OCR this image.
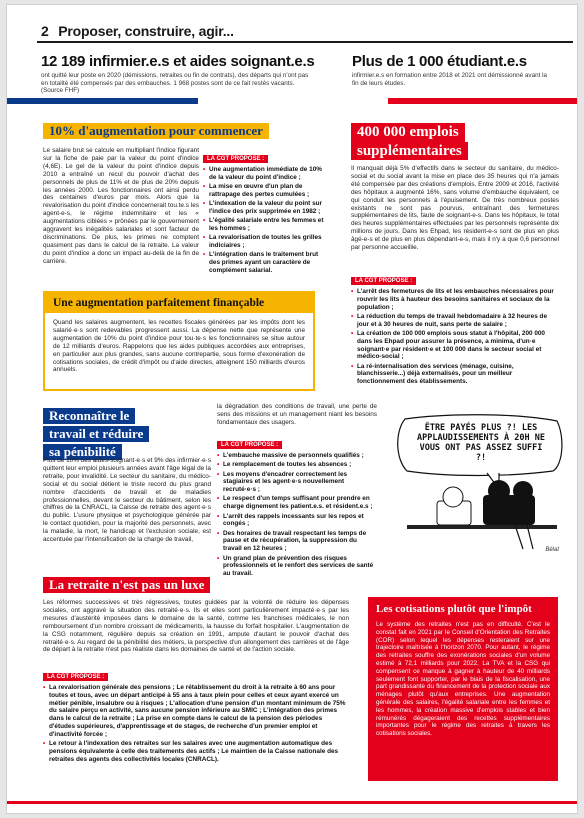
2 Proposer, construire, agir...
12 189 infirmier.e.s et aides soignant.e.s

ont quitté leur poste en 2020 (démissions, retraites ou fin de contrats), des départs qui n'ont pas en totalité été compensés par des embauches. 1 968 postes sont de ce fait restés vacants. (Source FHF)

Plus de 1 000 étudiant.e.s

infirmier.e.s en formation entre 2018 et 2021 ont démissionné avant la fin de leurs études.

10% d'augmentation pour commencer
Le salaire brut se calcule en multipliant l'indice figurant sur la fiche de paie par la valeur du point d'indice (4,6E). Le gel de la valeur du point d'indice depuis 2010 a entraîné un recul du pouvoir d'achat des personnels de plus de 11% et de plus de 20% depuis les années 2000. Les fonctionnaires ont ainsi perdu des centaines d'euros par mois. Alors que la revalorisation du point d'indice concernerait tou.te.s les agent-e-s, le régime indemnitaire et les « augmentations ciblées » prônées par le gouvernement aggravent les inégalités salariales et sont facteur de discriminations. De plus, les primes ne comptent quasiment pas dans le calcul de la retraite. La valeur du point d'indice a donc un impact au-delà de la fin de carrière.
LA CGT PROPOSE :
• Une augmentation immédiate de 10% de la valeur du point d'indice ;
• La mise en œuvre d'un plan de rattrapage des pertes cumulées ;
• L'indexation de la valeur du point sur l'indice des prix supprimée en 1982 ;
• L'égalité salariale entre les femmes et les hommes ;
• La revalorisation de toutes les grilles indiciaires ;
• L'intégration dans le traitement brut des primes ayant un caractère de complément salarial.
Une augmentation parfaitement finançable
Quand les salaires augmentent, les recettes fiscales générées par les impôts dont les salarié·e·s sont redevables progressent aussi. La dépense nette que représente une augmentation de 10% du point d'indice pour tou·te·s les fonctionnaires se situe autour de 12 milliards d'euros. Rappelons que les aides publiques accordées aux entreprises, en particulier aux plus grandes, sans aucune contrepartie, sous forme d'exonération de cotisations sociales, de crédit d'impôt ou d'aide directes, atteignent 150 milliards d'euros annuels.
400 000 emplois
supplémentaires
Il manquait déjà 5% d'effectifs dans le secteur du sanitaire, du médico-social et du social avant la mise en place des 35 heures qui n'a jamais été compensée par des créations d'emplois. Entre 2009 et 2016, l'activité des hôpitaux a augmenté 16%, sans volume d'embauche équivalent, ce qui conduit les personnels à l'épuisement. De très nombreux postes existants ne sont pas pourvus, entraînant des fermetures supplémentaires de lits, faute de soignant-e-s. Dans les hôpitaux, le total des heures supplémentaires effectuées par les personnels représente dix millions de jours. Dans les Ehpad, les résident-e-s sont de plus en plus âgé-e-s et de plus en plus dépendant-e-s, mais il n'y a que 0,6 personnel par personne accueillie.
LA CGT PROPOSE :
• L'arrêt des fermetures de lits et les embauches nécessaires pour rouvrir les lits à hauteur des besoins sanitaires et sociaux de la population ;
• La réduction du temps de travail hebdomadaire à 32 heures de jour et à 30 heures de nuit, sans perte de salaire ;
• La création de 100 000 emplois sous statut à l'hôpital, 200 000 dans les Ehpad pour assurer la présence, a minima, d'un·e soignant·e par résident·e et 100 000 dans le secteur social et médico-social ;
• La ré-internalisation des services (ménage, cuisine, blanchisserie...) déjà externalisés, pour un meilleur fonctionnement des établissements.
Reconnaître le
travail et réduire
sa pénibilité
Plus de 10% des aides-soignant·e·s et 9% des infirmier·e·s quittent leur emploi plusieurs années avant l'âge légal de la retraite, pour invalidité. Le secteur du sanitaire, du médico-social et du social détient le triste record du plus grand nombre d'accidents de travail et de maladies professionnelles, devant le secteur du bâtiment, selon les chiffres de la CNRACL, la Caisse de retraite des agent·e·s du public. L'usure physique et psychologique générée par le contact quotidien, pour la majorité des personnels, avec la maladie, la mort, le handicap et l'exclusion sociale, est accentuée par l'intensification de la charge de travail,
la dégradation des conditions de travail, une perte de sens des missions et un management niant les besoins fondamentaux des usagers.
LA CGT PROPOSE :
• L'embauche massive de personnels qualifiés ;
• Le remplacement de toutes les absences ;
• Les moyens d'encadrer correctement les stagiaires et les agent·e·s nouvellement recruté·e·s ;
• Le respect d'un temps suffisant pour prendre en charge dignement les patient.e.s. et résident.e.s ;
• L'arrêt des rappels incessants sur les repos et congés ;
• Des horaires de travail respectant les temps de pause et de récupération, la suppression du travail en 12 heures ;
• Un grand plan de prévention des risques professionnels et le renfort des services de santé au travail.
ÊTRE PAYÉS PLUS ?! LES APPLAUDISSEMENTS À 20H NE VOUS ONT PAS ASSEZ SUFFI ?!
Bélat
La retraite n'est pas un luxe
Les réformes successives et très régressives, toutes guidées par la volonté de réduire les dépenses sociales, ont aggravé la situation des retraité·e·s. Ils et elles sont particulièrement impacté·e·s par les mesures d'austérité imposées dans le domaine de la santé, comme les franchises médicales, le non remboursement d'un nombre croissant de médicaments, la hausse du forfait hospitalier. L'augmentation de la CSG notamment, régulière depuis sa création en 1991, ampute d'autant le pouvoir d'achat des retraité·e·s. Au regard de la pénibilité des métiers, la perspective d'un allongement des carrières et de l'âge de départ à la retraite n'est pas réaliste dans les domaines de santé et de l'action sociale.
LA CGT PROPOSE :
• La revalorisation générale des pensions ; Le rétablissement du droit à la retraite à 60 ans pour toutes et tous, avec un départ anticipé à 55 ans à taux plein pour celles et ceux ayant exercé un métier pénible, insalubre ou à risques ; L'allocation d'une pension d'un montant minimum de 75% du salaire perçu en activité, sans aucune pension inférieure au SMIC ; L'intégration des primes dans le calcul de la retraite ; La prise en compte dans le calcul de la pension des périodes d'études supérieures, d'apprentissage et de stages, de recherche d'un premier emploi et d'inactivité forcée ;
• Le retour à l'indexation des retraites sur les salaires avec une augmentation automatique des pensions équivalente à celle des traitements des actifs ; Le maintien de la Caisse nationale des retraites des agents des collectivités locales (CNRACL).
Les cotisations plutôt que l'impôt
Le système des retraites n'est pas en difficulté. C'est le constat fait en 2021 par le Conseil d'Orientation des Retraites (COR) selon lequel les dépenses resteraient sur une trajectoire maîtrisée à l'horizon 2070. Pour autant, le régime des retraites souffre des exonérations sociales d'un volume estimé à 72,1 milliards pour 2022. La TVA et la CSG qui compensent ce manque à gagner à hauteur de 40 milliards seulement font supporter, par le biais de la fiscalisation, une part grandissante du financement de la protection sociale aux ménages plutôt qu'aux entreprises. Une augmentation générale des salaires, l'égalité salariale entre les femmes et les hommes, la création massive d'emplois stables et bien rémunérés dégageraient des recettes supplémentaires importantes pour le régime des retraites à travers les cotisations sociales.
